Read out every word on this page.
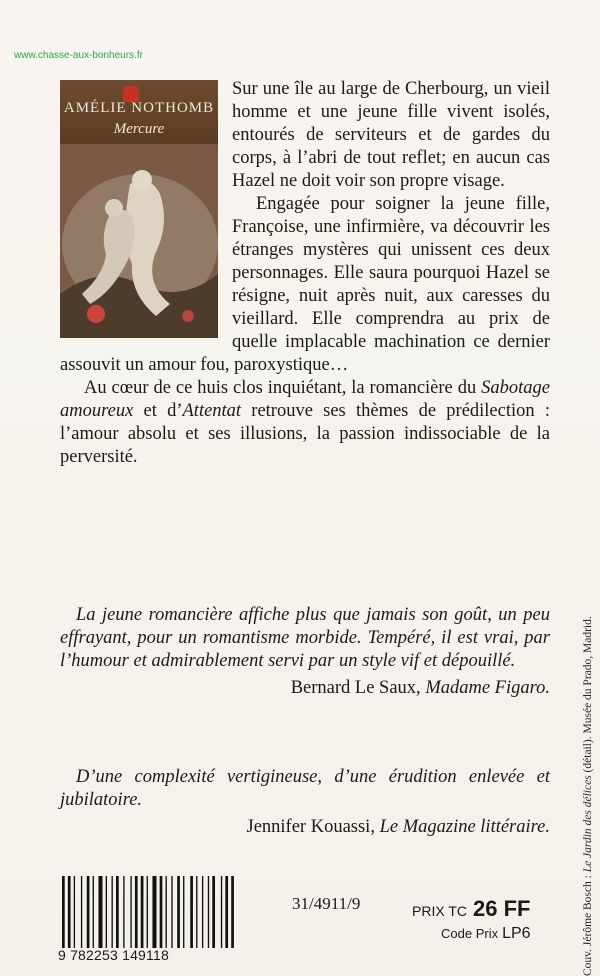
www.chasse-aux-bonheurs.fr
AMÉLIE NOTHOMB
Mercure

Sur une île au large de Cherbourg, un vieil homme et une jeune fille vivent isolés, entourés de serviteurs et de gardes du corps, à l’abri de tout reflet; en aucun cas Hazel ne doit voir son propre visage.

Engagée pour soigner la jeune fille, Françoise, une infirmière, va découvrir les étranges mystères qui unissent ces deux personnages. Elle saura pourquoi Hazel se résigne, nuit après nuit, aux caresses du vieillard. Elle comprendra au prix de quelle implacable machination ce dernier assouvit un amour fou, paroxystique…

Au cœur de ce huis clos inquiétant, la romancière du Sabotage amoureux et d’Attentat retrouve ses thèmes de prédilection : l’amour absolu et ses illusions, la passion indissociable de la perversité.

La jeune romancière affiche plus que jamais son goût, un peu effrayant, pour un romantisme morbide. Tempéré, il est vrai, par l’humour et admirablement servi par un style vif et dépouillé.

Bernard Le Saux, Madame Figaro.

D’une complexité vertigineuse, d’une érudition enlevée et jubilatoire.

Jennifer Kouassi, Le Magazine littéraire.

Couv. Jérôme Bosch : Le Jardin des délices (détail). Musée du Prado, Madrid.
9 782253 149118
31/4911/9	PRIX TC 26 FF
Code Prix LP6
